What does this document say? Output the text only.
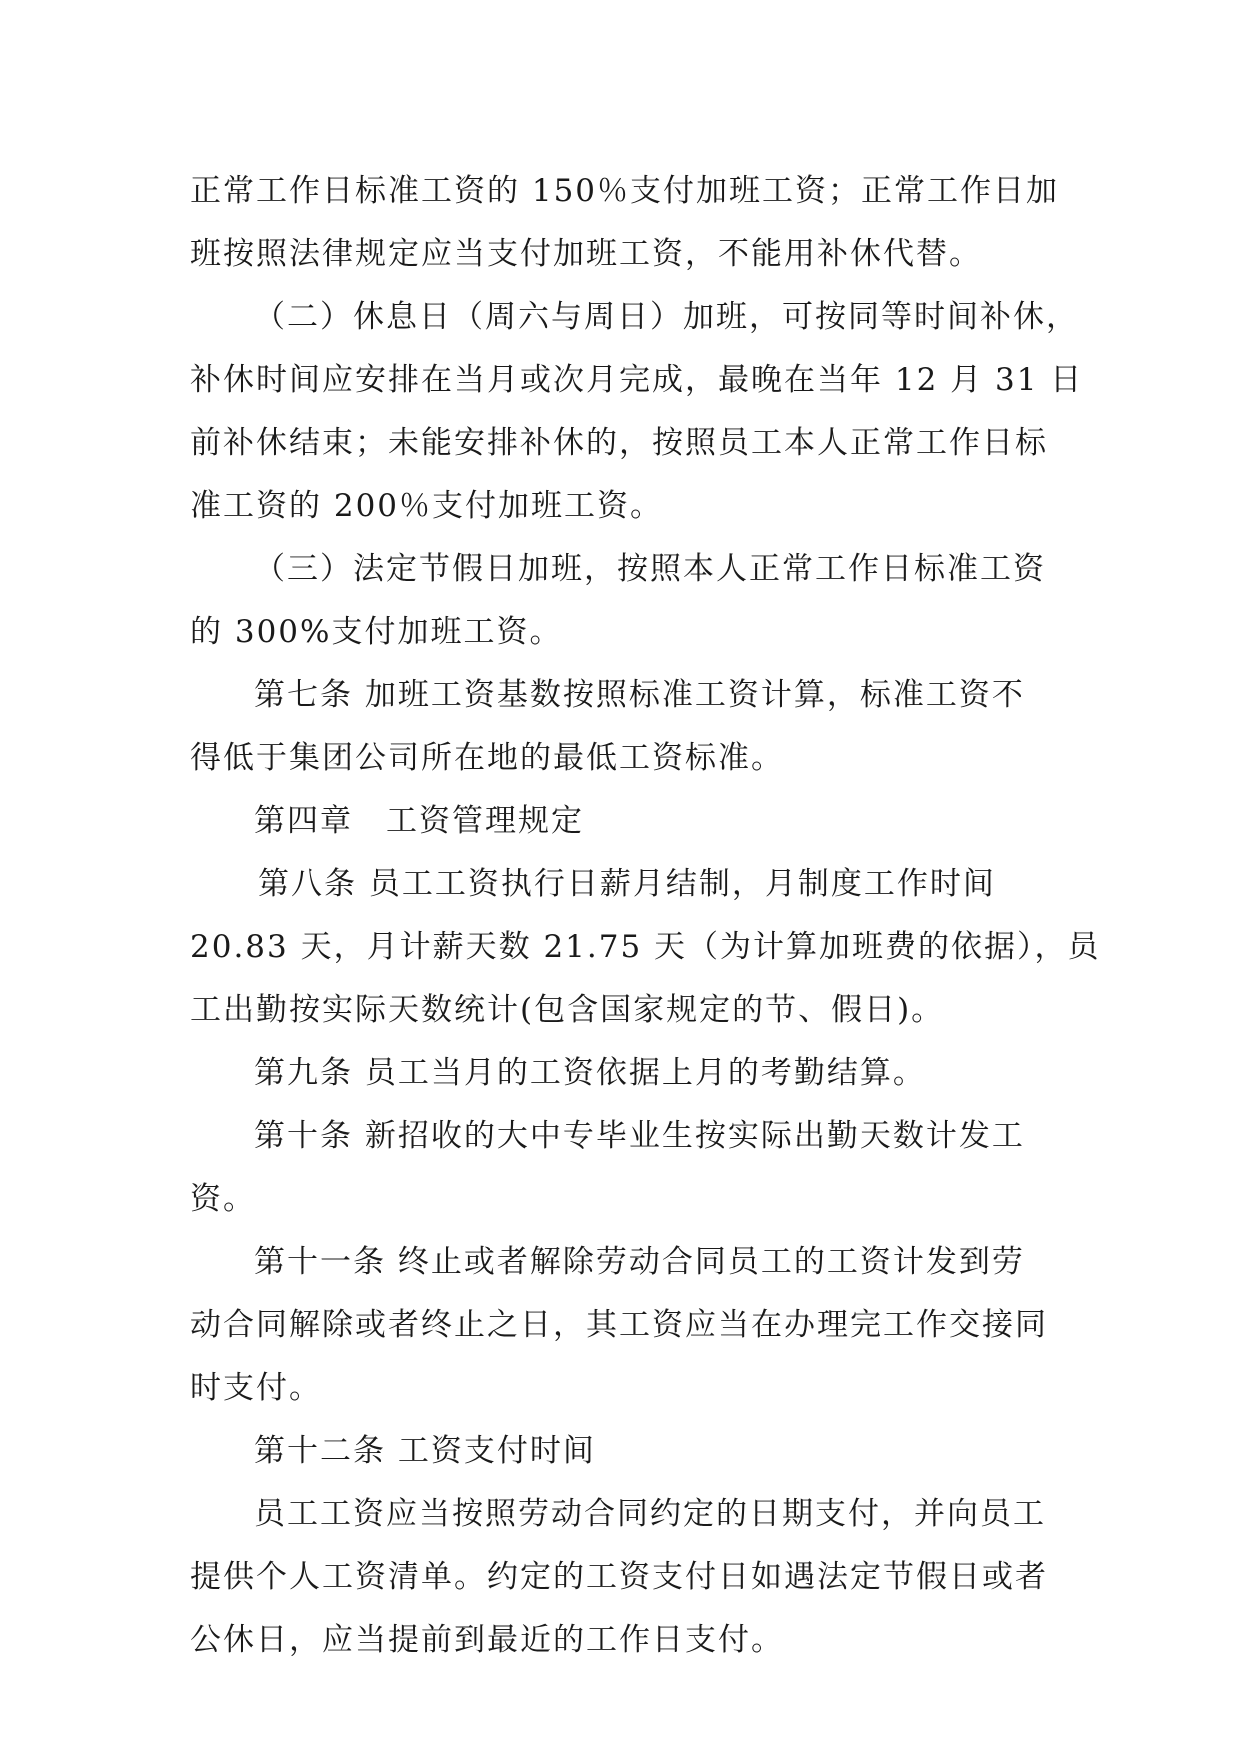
正常工作日标准工资的 150％支付加班工资；正常工作日加
班按照法律规定应当支付加班工资，不能用补休代替。
（二）休息日（周六与周日）加班，可按同等时间补休，
补休时间应安排在当月或次月完成，最晚在当年 12 月 31 日
前补休结束；未能安排补休的，按照员工本人正常工作日标
准工资的 200％支付加班工资。
（三）法定节假日加班，按照本人正常工作日标准工资
的 300%支付加班工资。
第七条 加班工资基数按照标准工资计算，标准工资不
得低于集团公司所在地的最低工资标准。
第四章　工资管理规定
第八条 员工工资执行日薪月结制，月制度工作时间
20.83 天，月计薪天数 21.75 天（为计算加班费的依据），员
工出勤按实际天数统计(包含国家规定的节、假日)。
第九条 员工当月的工资依据上月的考勤结算。
第十条 新招收的大中专毕业生按实际出勤天数计发工
资。
第十一条 终止或者解除劳动合同员工的工资计发到劳
动合同解除或者终止之日，其工资应当在办理完工作交接同
时支付。
第十二条 工资支付时间
员工工资应当按照劳动合同约定的日期支付，并向员工
提供个人工资清单。约定的工资支付日如遇法定节假日或者
公休日，应当提前到最近的工作日支付。
